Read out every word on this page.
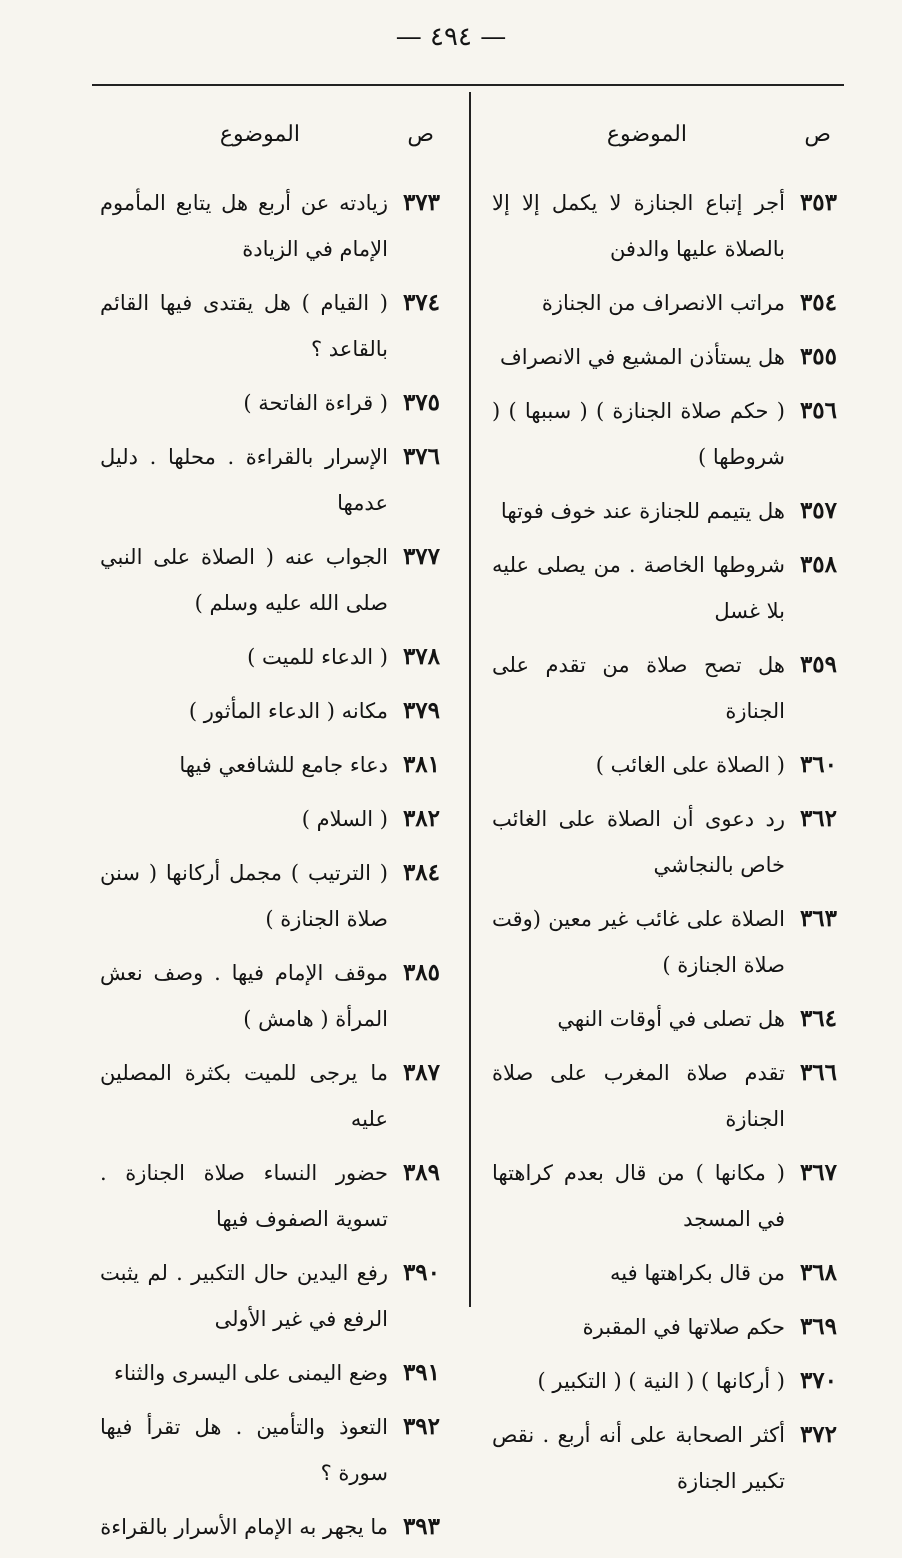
— ٤٩٤ —
ص
الموضوع
٣٥٣
أجر إتباع الجنازة لا يكمل إلا إلا بالصلاة عليها والدفن
٣٥٤
مراتب الانصراف من الجنازة
٣٥٥
هل يستأذن المشيع في الانصراف
٣٥٦
( حكم صلاة الجنازة ) ( سببها ) ( شروطها )
٣٥٧
هل يتيمم للجنازة عند خوف فوتها
٣٥٨
شروطها الخاصة . من يصلى عليه بلا غسل
٣٥٩
هل تصح صلاة من تقدم على الجنازة
٣٦٠
( الصلاة على الغائب )
٣٦٢
رد دعوى أن الصلاة على الغائب خاص بالنجاشي
٣٦٣
الصلاة على غائب غير معين (وقت صلاة الجنازة )
٣٦٤
هل تصلى في أوقات النهي
٣٦٦
تقدم صلاة المغرب على صلاة الجنازة
٣٦٧
( مكانها ) من قال بعدم كراهتها في المسجد
٣٦٨
من قال بكراهتها فيه
٣٦٩
حكم صلاتها في المقبرة
٣٧٠
( أركانها ) ( النية ) ( التكبير )
٣٧٢
أكثر الصحابة على أنه أربع . نقص تكبير الجنازة
ص
الموضوع
٣٧٣
زيادته عن أربع هل يتابع المأموم الإمام في الزيادة
٣٧٤
( القيام ) هل يقتدى فيها القائم بالقاعد ؟
٣٧٥
( قراءة الفاتحة )
٣٧٦
الإسرار بالقراءة . محلها . دليل عدمها
٣٧٧
الجواب عنه ( الصلاة على النبي صلى الله عليه وسلم )
٣٧٨
( الدعاء للميت )
٣٧٩
مكانه ( الدعاء المأثور )
٣٨١
دعاء جامع للشافعي فيها
٣٨٢
( السلام )
٣٨٤
( الترتيب ) مجمل أركانها ( سنن صلاة الجنازة )
٣٨٥
موقف الإمام فيها . وصف نعش المرأة ( هامش )
٣٨٧
ما يرجى للميت بكثرة المصلين عليه
٣٨٩
حضور النساء صلاة الجنازة . تسوية الصفوف فيها
٣٩٠
رفع اليدين حال التكبير . لم يثبت الرفع في غير الأولى
٣٩١
وضع اليمنى على اليسرى والثناء
٣٩٢
التعوذ والتأمين . هل تقرأ فيها سورة ؟
٣٩٣
ما يجهر به الإمام الأسرار بالقراءة
